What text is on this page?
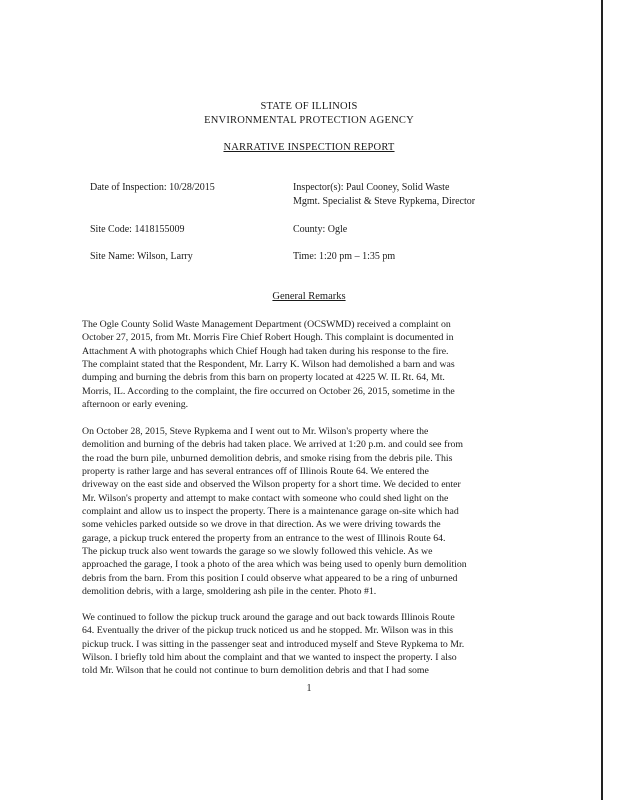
STATE OF ILLINOIS
ENVIRONMENTAL PROTECTION AGENCY
NARRATIVE INSPECTION REPORT
Date of Inspection: 10/28/2015	Inspector(s): Paul Cooney, Solid Waste
Mgmt. Specialist & Steve Rypkema, Director
Site Code: 1418155009	County: Ogle
Site Name: Wilson, Larry	Time: 1:20 pm – 1:35 pm
General Remarks
The Ogle County Solid Waste Management Department (OCSWMD) received a complaint on
October 27, 2015, from Mt. Morris Fire Chief Robert Hough. This complaint is documented in
Attachment A with photographs which Chief Hough had taken during his response to the fire.
The complaint stated that the Respondent, Mr. Larry K. Wilson had demolished a barn and was
dumping and burning the debris from this barn on property located at 4225 W. IL Rt. 64, Mt.
Morris, IL. According to the complaint, the fire occurred on October 26, 2015, sometime in the
afternoon or early evening.
On October 28, 2015, Steve Rypkema and I went out to Mr. Wilson's property where the
demolition and burning of the debris had taken place. We arrived at 1:20 p.m. and could see from
the road the burn pile, unburned demolition debris, and smoke rising from the debris pile. This
property is rather large and has several entrances off of Illinois Route 64. We entered the
driveway on the east side and observed the Wilson property for a short time. We decided to enter
Mr. Wilson's property and attempt to make contact with someone who could shed light on the
complaint and allow us to inspect the property. There is a maintenance garage on-site which had
some vehicles parked outside so we drove in that direction. As we were driving towards the
garage, a pickup truck entered the property from an entrance to the west of Illinois Route 64.
The pickup truck also went towards the garage so we slowly followed this vehicle. As we
approached the garage, I took a photo of the area which was being used to openly burn demolition
debris from the barn. From this position I could observe what appeared to be a ring of unburned
demolition debris, with a large, smoldering ash pile in the center. Photo #1.
We continued to follow the pickup truck around the garage and out back towards Illinois Route
64. Eventually the driver of the pickup truck noticed us and he stopped. Mr. Wilson was in this
pickup truck. I was sitting in the passenger seat and introduced myself and Steve Rypkema to Mr.
Wilson. I briefly told him about the complaint and that we wanted to inspect the property. I also
told Mr. Wilson that he could not continue to burn demolition debris and that I had some
1
